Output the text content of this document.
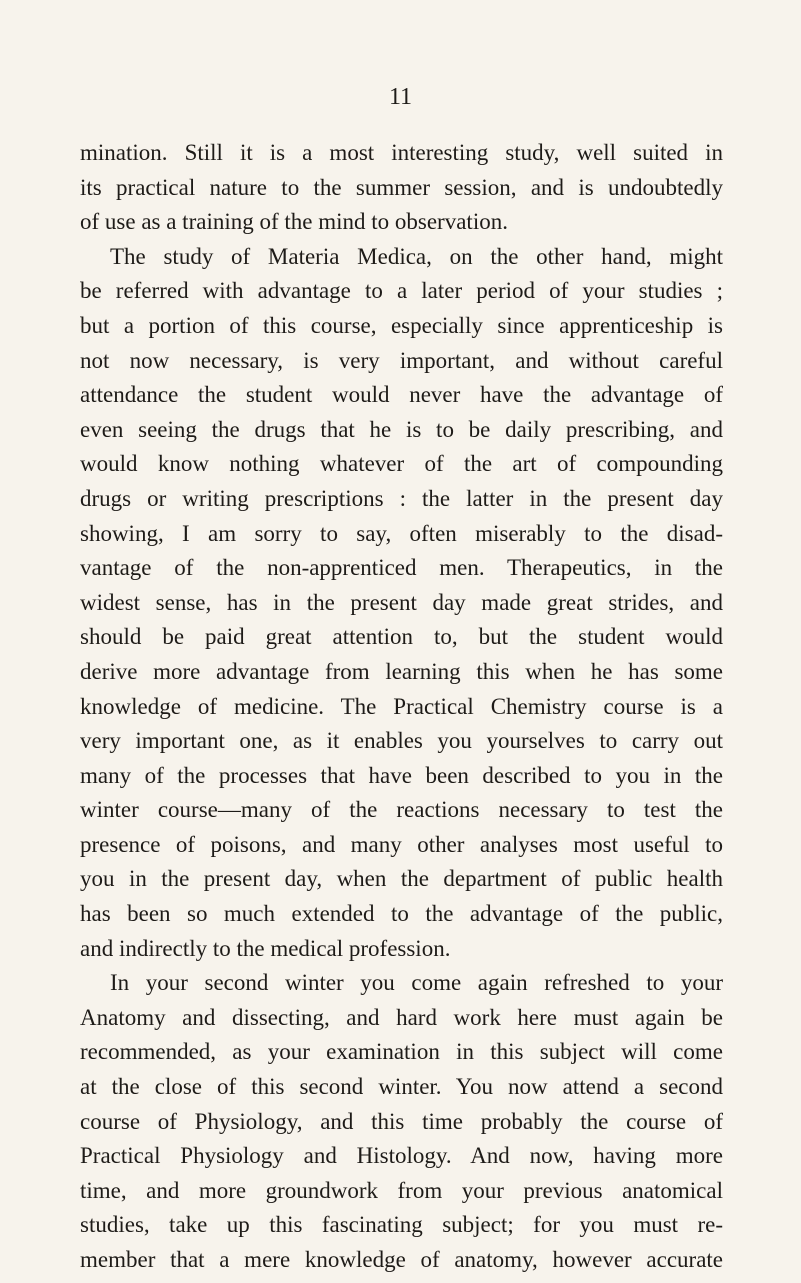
11
mination. Still it is a most interesting study, well suited in
its practical nature to the summer session, and is undoubtedly
of use as a training of the mind to observation.
The study of Materia Medica, on the other hand, might
be referred with advantage to a later period of your studies ;
but a portion of this course, especially since apprenticeship is
not now necessary, is very important, and without careful
attendance the student would never have the advantage of
even seeing the drugs that he is to be daily prescribing, and
would know nothing whatever of the art of compounding
drugs or writing prescriptions : the latter in the present day
showing, I am sorry to say, often miserably to the disad-
vantage of the non-apprenticed men. Therapeutics, in the
widest sense, has in the present day made great strides, and
should be paid great attention to, but the student would
derive more advantage from learning this when he has some
knowledge of medicine. The Practical Chemistry course is a
very important one, as it enables you yourselves to carry out
many of the processes that have been described to you in the
winter course—many of the reactions necessary to test the
presence of poisons, and many other analyses most useful to
you in the present day, when the department of public health
has been so much extended to the advantage of the public,
and indirectly to the medical profession.
In your second winter you come again refreshed to your
Anatomy and dissecting, and hard work here must again be
recommended, as your examination in this subject will come
at the close of this second winter. You now attend a second
course of Physiology, and this time probably the course of
Practical Physiology and Histology. And now, having more
time, and more groundwork from your previous anatomical
studies, take up this fascinating subject; for you must re-
member that a mere knowledge of anatomy, however accurate
